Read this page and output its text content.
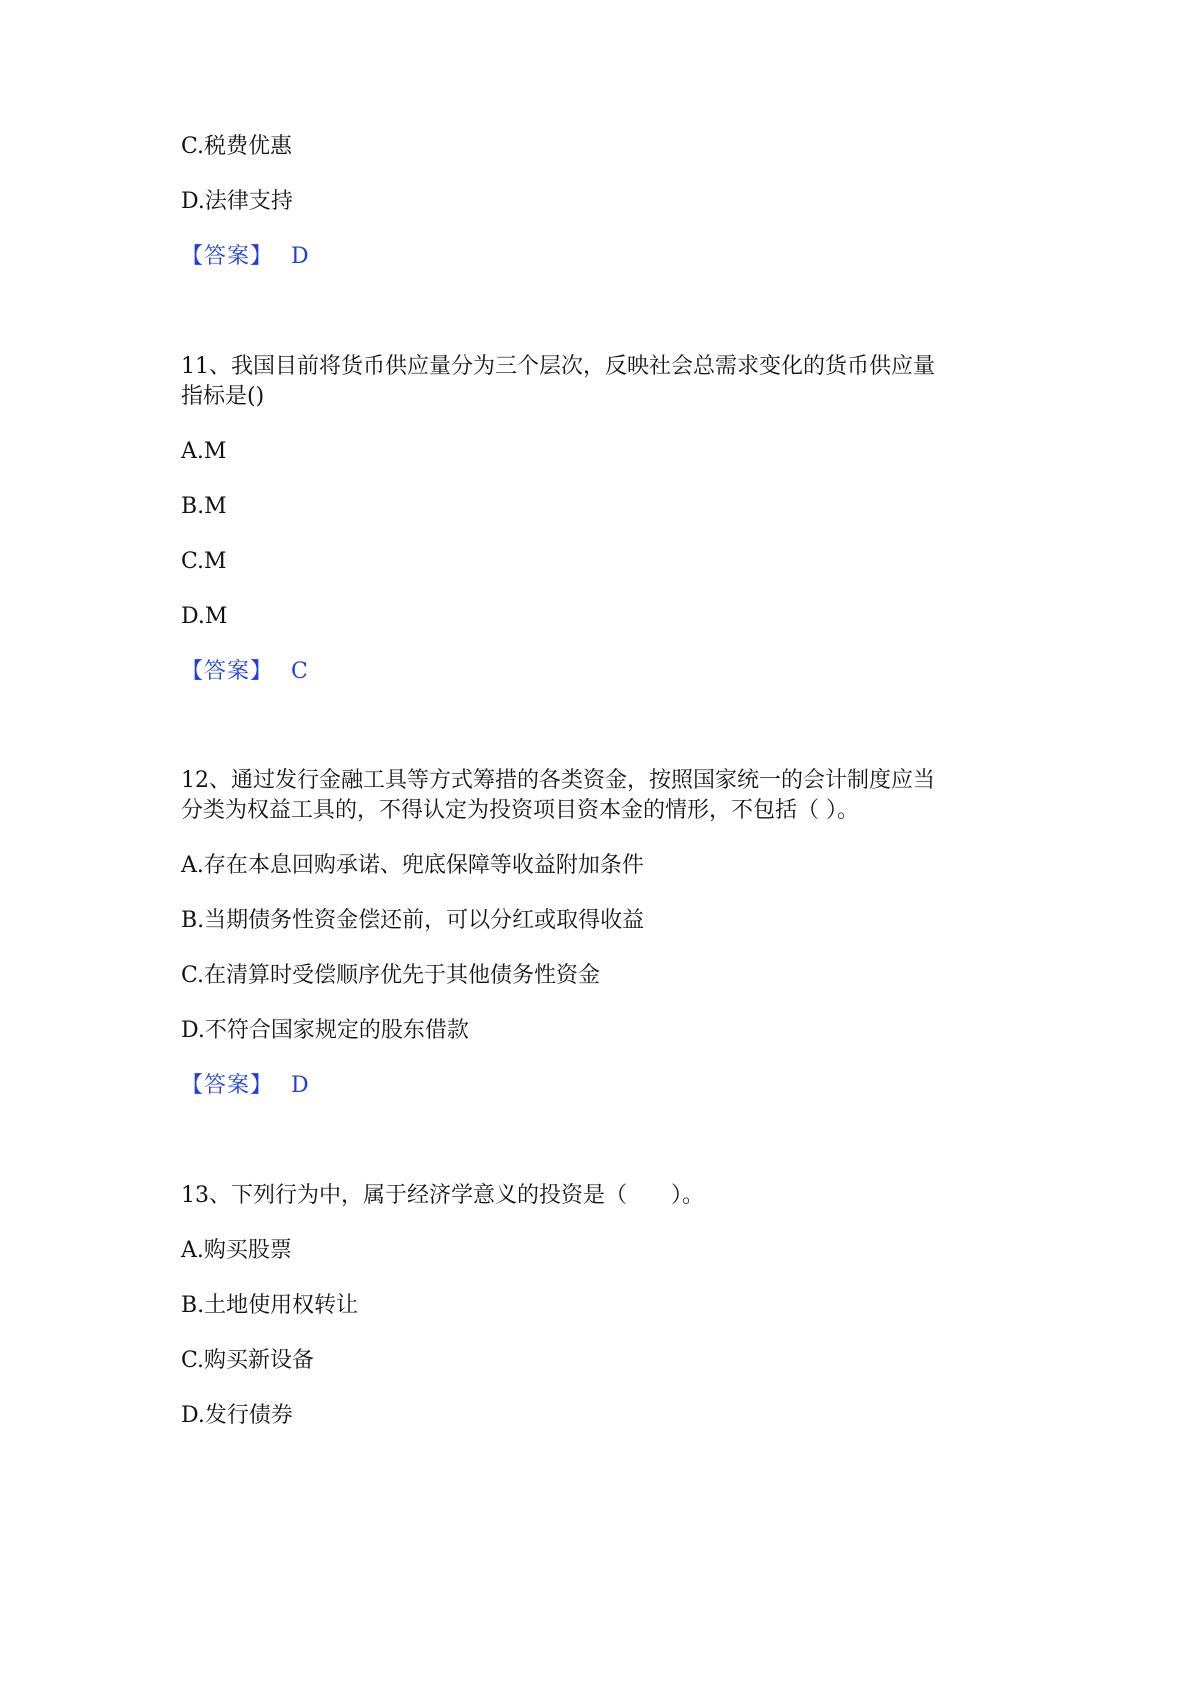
C.税费优惠
D.法律支持
【答案】 D
11、我国目前将货币供应量分为三个层次，反映社会总需求变化的货币供应量
指标是()
A.M
B.M
C.M
D.M
【答案】 C
12、通过发行金融工具等方式筹措的各类资金，按照国家统一的会计制度应当
分类为权益工具的，不得认定为投资项目资本金的情形，不包括（ ）。
A.存在本息回购承诺、兜底保障等收益附加条件
B.当期债务性资金偿还前，可以分红或取得收益
C.在清算时受偿顺序优先于其他债务性资金
D.不符合国家规定的股东借款
【答案】 D
13、下列行为中，属于经济学意义的投资是（　　）。
A.购买股票
B.土地使用权转让
C.购买新设备
D.发行债券
